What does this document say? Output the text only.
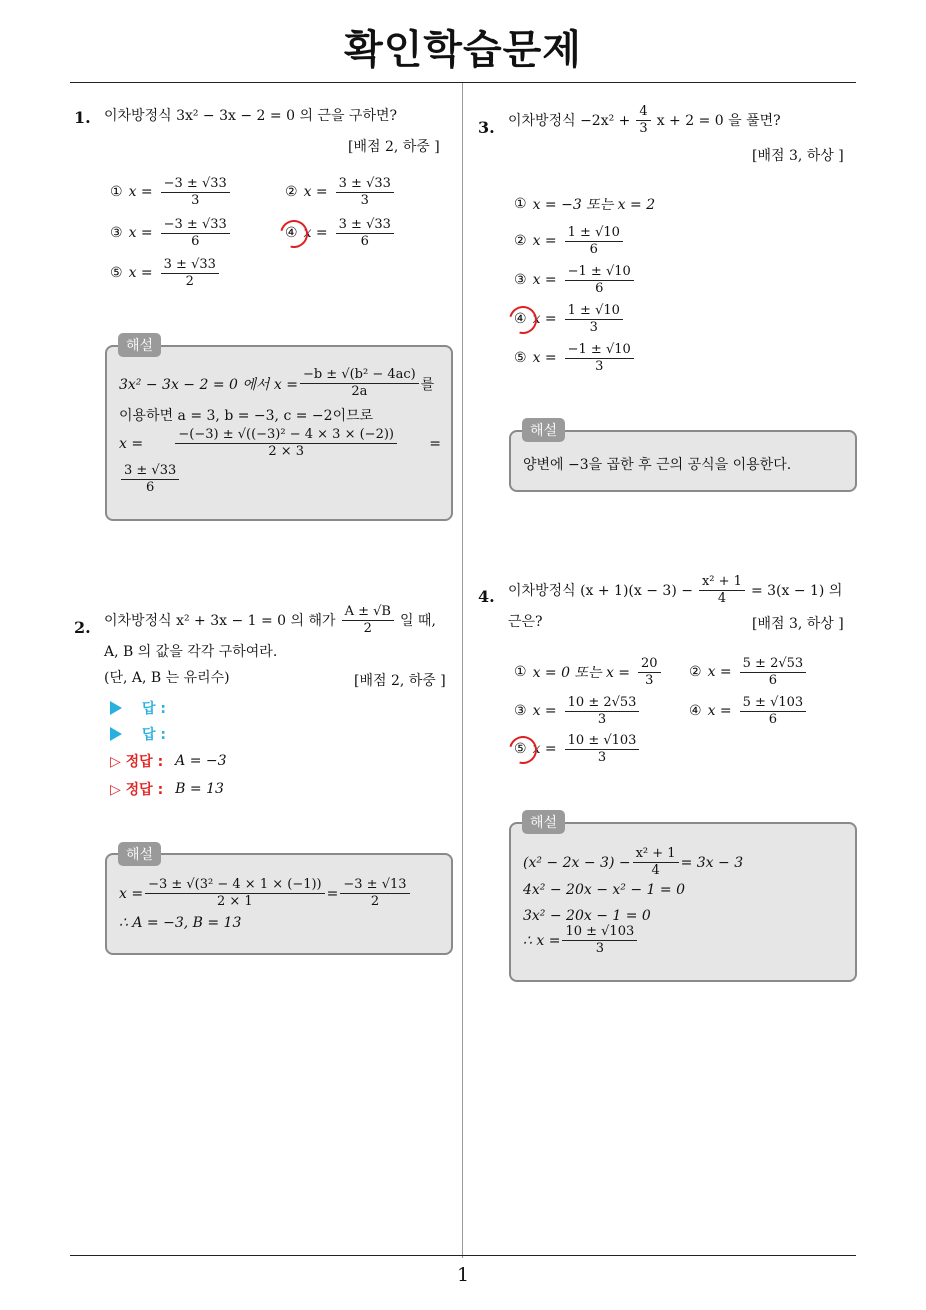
확인학습문제
1. 이차방정식 3x² − 3x − 2 = 0 의 근을 구하면?
[배점 2, 하중 ]
① $x = \frac{-3 \pm √33}{3}$	② $x = \frac{3 \pm √33}{3}$
③ $x = \frac{-3 \pm √33}{6}$	④ $x = \frac{3 \pm √33}{6}$
⑤ $x = \frac{3 \pm √33}{2}$
3x² − 3x − 2 = 0 에서 $x = \frac{\text{−b ± √(b² − 4ac)}}{2a}$ 를
이용하면 a = 3, b = −3, c = −2이므로
$x = \frac{\text{−(−3) ± √((−3)² − 4 × 3 × (−2))}}{2 \times 3}$ =
$\frac{3 \pm √33}{6}$
해설
2. 이차방정식 x² + 3x − 1 = 0 의 해가 $\frac{A \pm √B}{2}$ 일 때,
A, B 의 값을 각각 구하여라.
(단, A, B 는 유리수)	[배점 2, 하중 ]
답 :
답 :
▷ 정답 : A = −3
▷ 정답 : B = 13
$x = \frac{\text{−3 ± √(3² − 4 × 1 × (−1))}}{2 \times 1} = \frac{-3 \pm √13}{2}$
∴ A = −3, B = 13
해설
3. 이차방정식 $-2x^2 + \frac{4}{3}$ x + 2 = 0 을 풀면?
[배점 3, 하상 ]
① x = −3 또는 x = 2
② $x = \frac{1 \pm √10}{6}$
③ $x = \frac{-1 \pm √10}{6}$
④ $x = \frac{1 \pm √10}{3}$
⑤ $x = \frac{-1 \pm √10}{3}$
양변에 −3을 곱한 후 근의 공식을 이용한다.
해설
4. 이차방정식 $(x + 1)(x - 3) - \frac{\text{x² + 1}}{4} = 3(x - 1)$ 의
근은?	[배점 3, 하상 ]
① x = 0 또는 $x = \frac{20}{3}$ ② $x = \frac{5 \pm 2√53}{6}$
③ $x = \frac{10 \pm 2√53}{3}$	④ $x = \frac{5 \pm √103}{6}$
⑤ $x = \frac{10 \pm √103}{3}$
$(x^2 - 2x - 3) - \frac{\text{x² + 1}}{4} = 3x - 3$
4x² − 20x − x² − 1 = 0
3x² − 20x − 1 = 0
∴ $x = \frac{10 \pm √103}{3}$
해설
1
